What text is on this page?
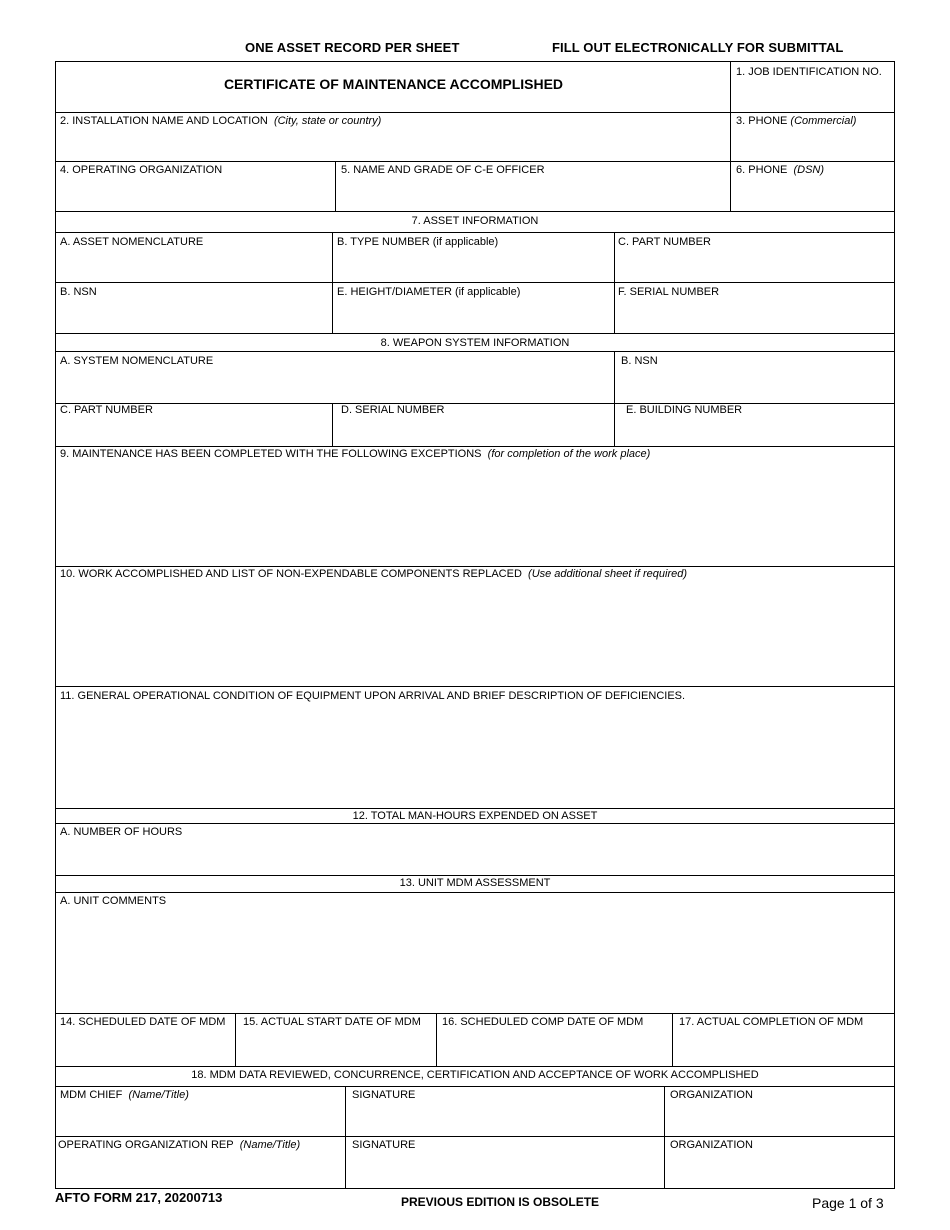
ONE ASSET RECORD PER SHEET	FILL OUT ELECTRONICALLY FOR SUBMITTAL
CERTIFICATE OF MAINTENANCE ACCOMPLISHED
1. JOB IDENTIFICATION NO.
2. INSTALLATION NAME AND LOCATION (City, state or country)	3. PHONE (Commercial)
4. OPERATING ORGANIZATION	5. NAME AND GRADE OF C-E OFFICER	6. PHONE (DSN)
7. ASSET INFORMATION
A. ASSET NOMENCLATURE	B. TYPE NUMBER (if applicable)	C. PART NUMBER
B. NSN	E. HEIGHT/DIAMETER (if applicable)	F. SERIAL NUMBER
8. WEAPON SYSTEM INFORMATION
A. SYSTEM NOMENCLATURE	B. NSN
C. PART NUMBER	D. SERIAL NUMBER	E. BUILDING NUMBER
9. MAINTENANCE HAS BEEN COMPLETED WITH THE FOLLOWING EXCEPTIONS (for completion of the work place)
10. WORK ACCOMPLISHED AND LIST OF NON-EXPENDABLE COMPONENTS REPLACED (Use additional sheet if required)
11. GENERAL OPERATIONAL CONDITION OF EQUIPMENT UPON ARRIVAL AND BRIEF DESCRIPTION OF DEFICIENCIES.
12. TOTAL MAN-HOURS EXPENDED ON ASSET
A. NUMBER OF HOURS
13. UNIT MDM ASSESSMENT
A. UNIT COMMENTS
14. SCHEDULED DATE OF MDM 15. ACTUAL START DATE OF MDM 16. SCHEDULED COMP DATE OF MDM	17. ACTUAL COMPLETION OF MDM
18. MDM DATA REVIEWED, CONCURRENCE, CERTIFICATION AND ACCEPTANCE OF WORK ACCOMPLISHED
MDM CHIEF (Name/Title)	SIGNATURE	ORGANIZATION
OPERATING ORGANIZATION REP (Name/Title)	SIGNATURE	ORGANIZATION
AFTO FORM 217, 20200713	PREVIOUS EDITION IS OBSOLETE	Page 1 of 3
